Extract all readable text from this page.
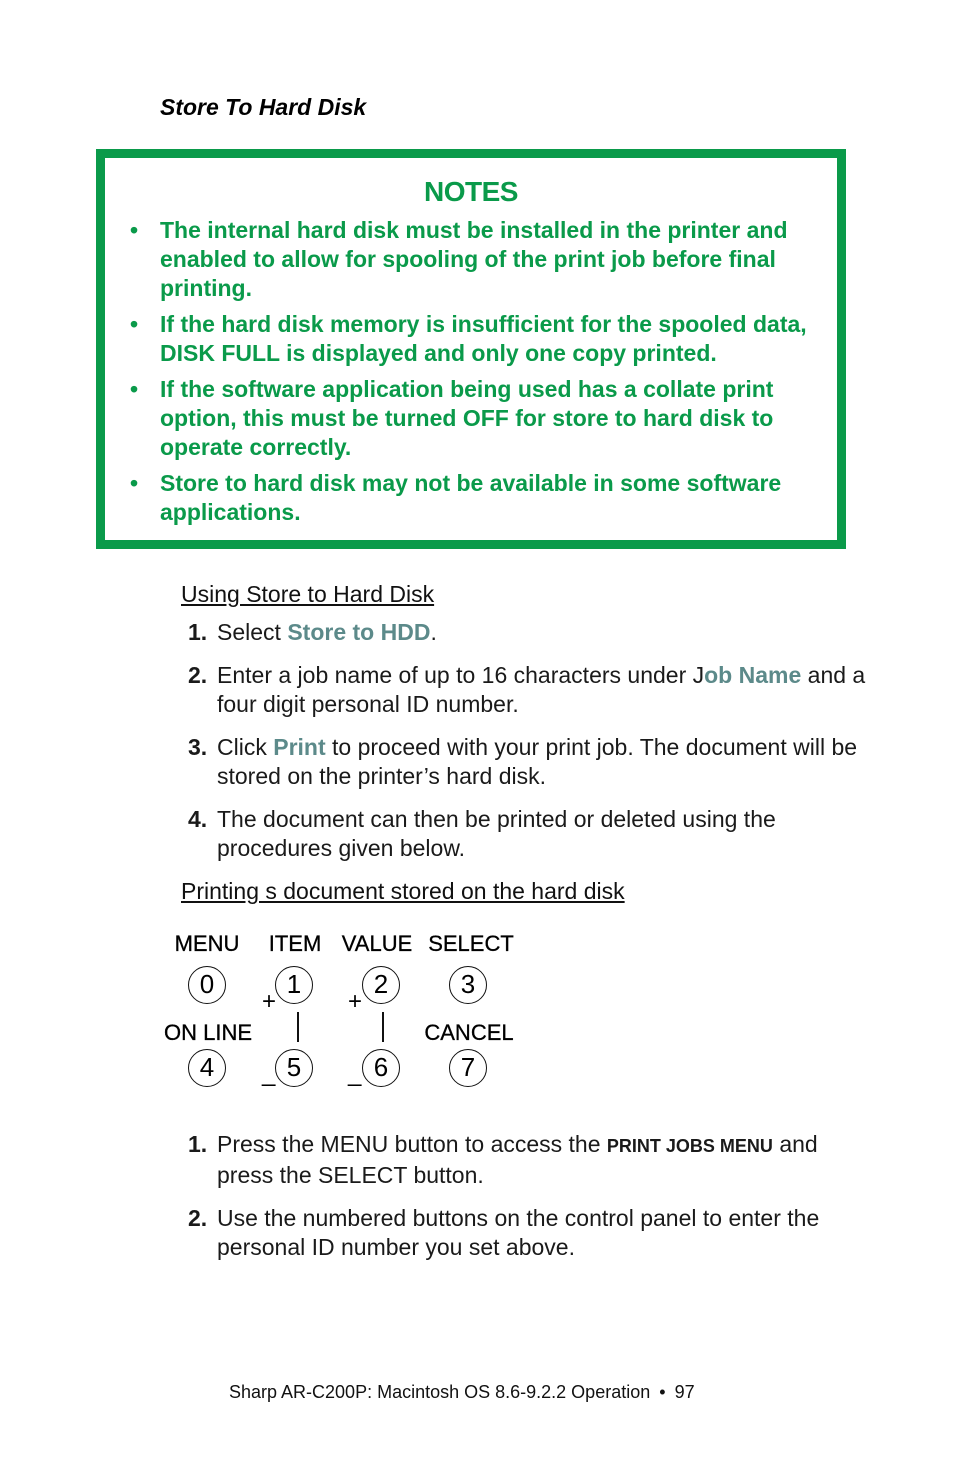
Store To Hard Disk
NOTES
• The internal hard disk must be installed in the printer and enabled to allow for spooling of the print job before final printing.
• If the hard disk memory is insufficient for the spooled data, DISK FULL is displayed and only one copy printed.
• If the software application being used has a collate print option, this must be turned OFF for store to hard disk to operate correctly.
• Store to hard disk may not be available in some software applications.
Using Store to Hard Disk
1. Select Store to HDD.
2. Enter a job name of up to 16 characters under Job Name and a four digit personal ID number.
3. Click Print to proceed with your print job. The document will be stored on the printer’s hard disk.
4. The document can then be printed or deleted using the procedures given below.
Printing s document stored on the hard disk
MENU ITEM VALUE SELECT
0	1	2	3
+	+
ON LINE	CANCEL
4	5	6	7
_	_
1. Press the MENU button to access the PRINT JOBS MENU and press the SELECT button.
2. Use the numbered buttons on the control panel to enter the personal ID number you set above.
Sharp AR-C200P: Macintosh OS 8.6-9.2.2 Operation • 97
